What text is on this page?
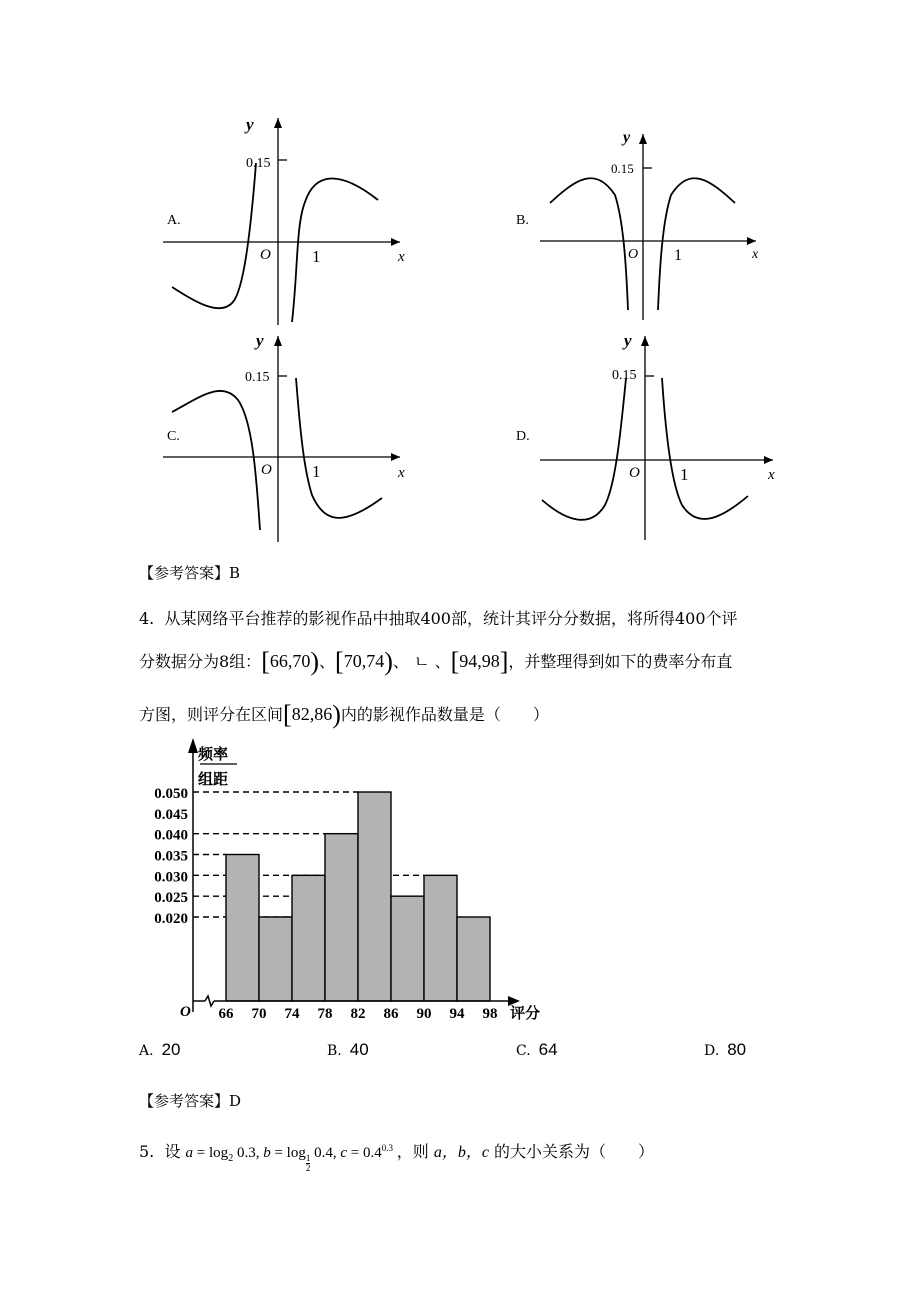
A.	B.
C.	D.
y
0.15
O 1	x
y
0.15
O 1	x
y
0.15
O 1	x
y
0.15
O 1	x
【参考答案】B
4. 从某网络平台推荐的影视作品中抽取400部，统计其评分分数据，将所得400个评
分数据分为8组：[66,70)、[70,74)、 ㄴ 、[94,98]，并整理得到如下的费率分布直
方图，则评分在区间[82,86)内的影视作品数量是（　　）
频率
组距
O	评分
0.050
0.045
0.040
0.035
0.030
0.025
0.020
66 70 74 78 82 86 90 94 98
A. 20	B. 40	C. 64	D. 80
【参考答案】D
5. 设 $a = \log_2 0.3$, b = log
$\frac{1}{2}$
0.4, $c = 0.4^{0.3}$ ，则 a，b，c 的大小关系为（　　）
